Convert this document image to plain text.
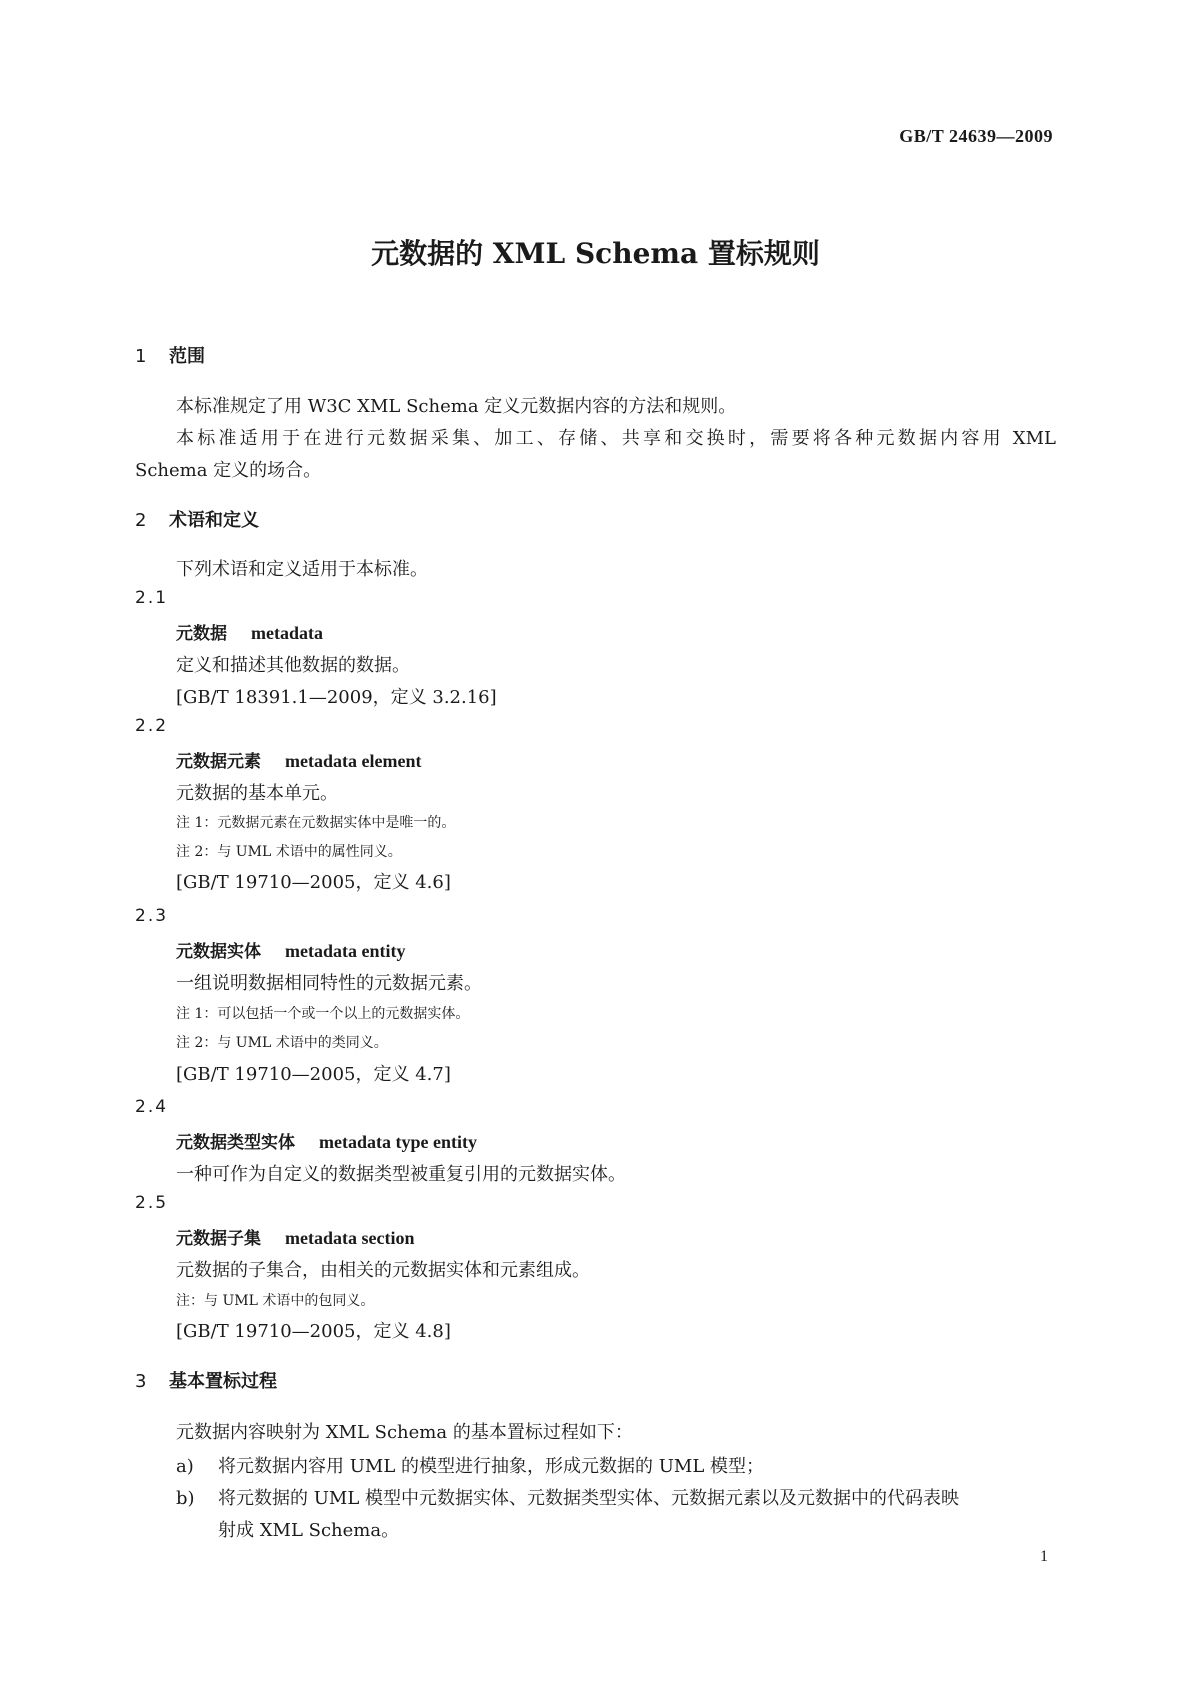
GB/T 24639—2009
元数据的 XML Schema 置标规则
1 范围
本标准规定了用 W3C XML Schema 定义元数据内容的方法和规则。
本标准适用于在进行元数据采集、加工、存储、共享和交换时，需要将各种元数据内容用 XML
Schema 定义的场合。
2 术语和定义
下列术语和定义适用于本标准。
2.1
元数据 metadata
定义和描述其他数据的数据。
[GB/T 18391.1—2009，定义 3.2.16]
2.2
元数据元素 metadata element
元数据的基本单元。
注 1：元数据元素在元数据实体中是唯一的。
注 2：与 UML 术语中的属性同义。
[GB/T 19710—2005，定义 4.6]
2.3
元数据实体 metadata entity
一组说明数据相同特性的元数据元素。
注 1：可以包括一个或一个以上的元数据实体。
注 2：与 UML 术语中的类同义。
[GB/T 19710—2005，定义 4.7]
2.4
元数据类型实体 metadata type entity
一种可作为自定义的数据类型被重复引用的元数据实体。
2.5
元数据子集 metadata section
元数据的子集合，由相关的元数据实体和元素组成。
注：与 UML 术语中的包同义。
[GB/T 19710—2005，定义 4.8]
3 基本置标过程
元数据内容映射为 XML Schema 的基本置标过程如下：
a) 将元数据内容用 UML 的模型进行抽象，形成元数据的 UML 模型；
b) 将元数据的 UML 模型中元数据实体、元数据类型实体、元数据元素以及元数据中的代码表映
射成 XML Schema。
1
